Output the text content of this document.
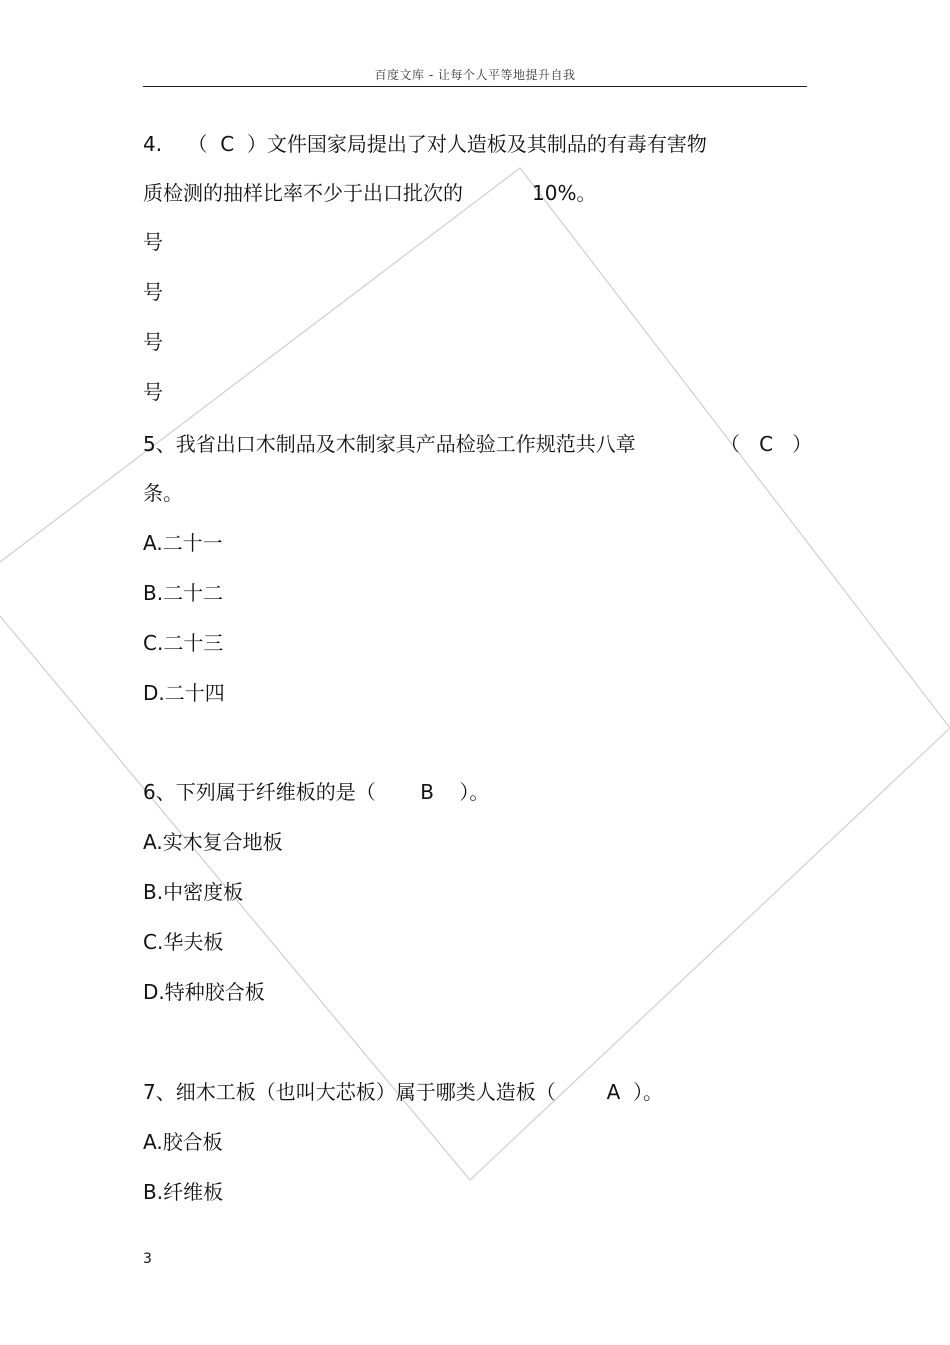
百度文库 - 让每个人平等地提升自我
4.    （  C  ）文件国家局提出了对人造板及其制品的有毒有害物
质检测的抽样比率不少于出口批次的	10%。
号
号
号
号
5、我省出口木制品及木制家具产品检验工作规范共八章	（   C   ）
条。
A.二十一
B.二十二
C.二十三
D.二十四
6、下列属于纤维板的是（       B    ）。
A.实木复合地板
B.中密度板
C.华夫板
D.特种胶合板
7、细木工板（也叫大芯板）属于哪类人造板（        A  ）。
A.胶合板
B.纤维板
3
